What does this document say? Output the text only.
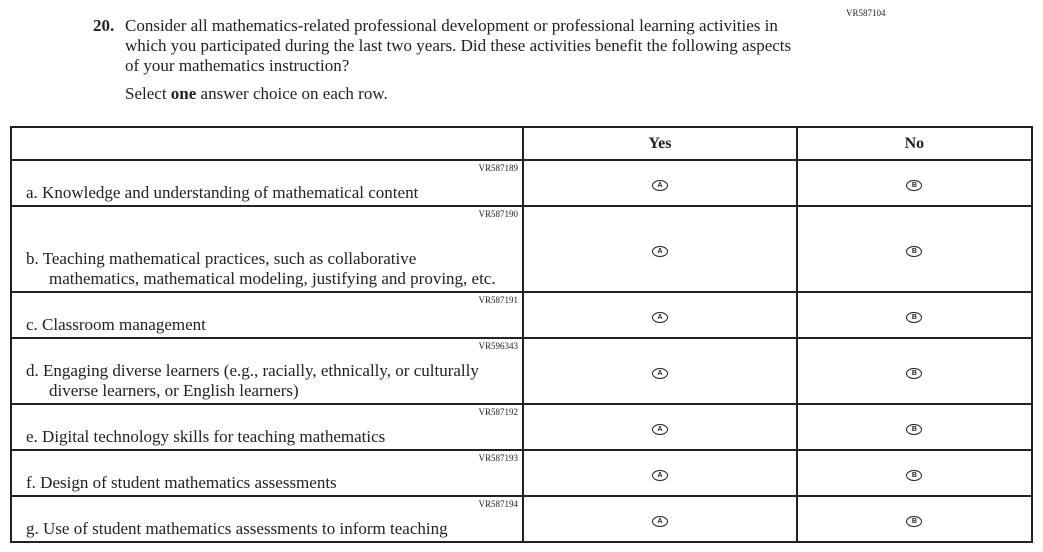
VR587104
20. Consider all mathematics-related professional development or professional learning activities in which you participated during the last two years. Did these activities benefit the following aspects of your mathematics instruction?
Select one answer choice on each row.
	Yes	No

VR587189
a. Knowledge and understanding of mathematical content	A	B

VR587190
b. Teaching mathematical practices, such as collaborative mathematics, mathematical modeling, justifying and proving, etc.	A	B

VR587191
c. Classroom management	A	B

VR596343
d. Engaging diverse learners (e.g., racially, ethnically, or culturally diverse learners, or English learners)	A	B

VR587192
e. Digital technology skills for teaching mathematics	A	B

VR587193
f. Design of student mathematics assessments	A	B

VR587194
g. Use of student mathematics assessments to inform teaching	A	B
